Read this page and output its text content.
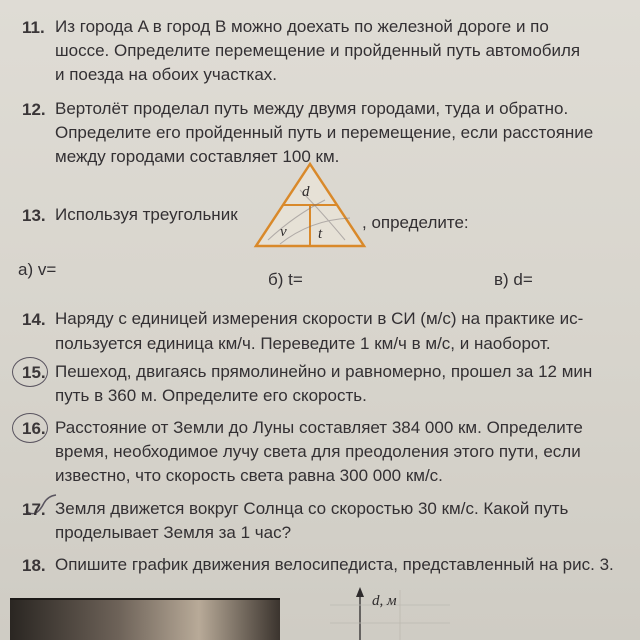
11. Из города A в город B можно доехать по железной дороге и по
шоссе. Определите перемещение и пройденный путь автомобиля
и поезда на обоих участках.
12. Вертолёт проделал путь между двумя городами, туда и обратно.
Определите его пройденный путь и перемещение, если расстояние
между городами составляет 100 км.
13. Используя треугольник	, определите:
d
v t
а) v=
б) t=	в) d=
14. Наряду с единицей измерения скорости в СИ (м/с) на практике ис-
пользуется единица км/ч. Переведите 1 км/ч в м/с, и наоборот.
15. Пешеход, двигаясь прямолинейно и равномерно, прошел за 12 мин
путь в 360 м. Определите его скорость.
16. Расстояние от Земли до Луны составляет 384 000 км. Определите
время, необходимое лучу света для преодоления этого пути, если
известно, что скорость света равна 300 000 км/с.
17. Земля движется вокруг Солнца со скоростью 30 км/с. Какой путь
проделывает Земля за 1 час?
18. Опишите график движения велосипедиста, представленный на рис. 3.
d, м
